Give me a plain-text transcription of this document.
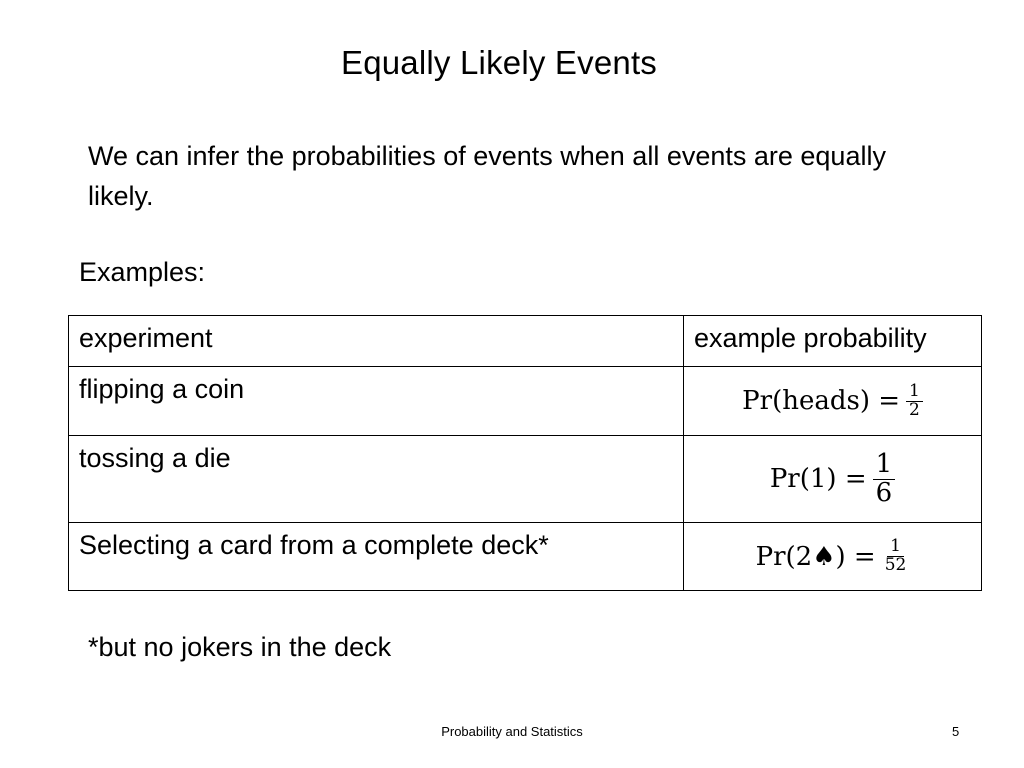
Equally Likely Events
We can infer the probabilities of events when all events are equally likely.
Examples:
experiment	example probability
flipping a coin	Pr(heads) = $\frac{1}{2}$

tossing a die	$Pr(1) = \frac{1}{6}$

Selecting a card from a complete deck*	Pr(2♠) = $\frac{1}{52}$
*but no jokers in the deck
Probability and Statistics	5
